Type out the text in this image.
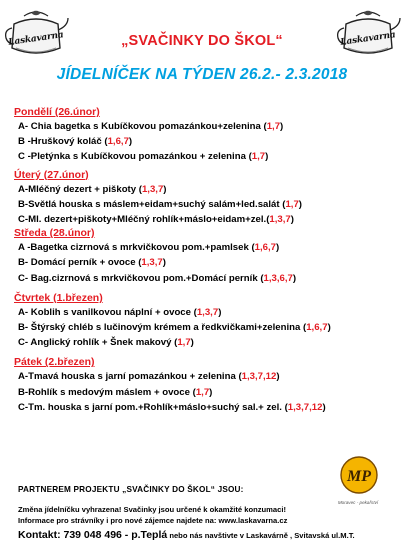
Laskavarna	Laskavarna
„SVAČINKY DO ŠKOL“
JÍDELNÍČEK NA TÝDEN 26.2.- 2.3.2018
Pondělí (26.únor)
A- Chia bagetka s Kubíčkovou pomazánkou+zelenina (1,7)
B -Hruškový koláč (1,6,7)
C -Pletýnka s Kubíčkovou pomazánkou + zelenina (1,7)
Úterý (27.únor)
A-Mléčný dezert + piškoty (1,3,7)
B-Světlá houska s máslem+eidam+suchý salám+led.salát (1,7)
C-Ml. dezert+piškoty+Mléčný rohlík+máslo+eidam+zel.(1,3,7)
Středa (28.únor)
A -Bagetka cizrnová s mrkvičkovou pom.+pamlsek (1,6,7)
B- Domácí perník + ovoce (1,3,7)
C- Bag.cizrnová s mrkvičkovou pom.+Domácí perník (1,3,6,7)
Čtvrtek (1.březen)
A- Koblih s vanilkovou náplní + ovoce (1,3,7)
B- Štýrský chléb s lučinovým krémem a ředkvičkami+zelenina (1,6,7)
C- Anglický rohlík + Šnek makový (1,7)
Pátek (2.březen)
A-Tmavá houska s jarní pomazánkou + zelenina (1,3,7,12)
B-Rohlík s medovým máslem + ovoce (1,7)
C-Tm. houska s jarní pom.+Rohlík+máslo+suchý sal.+ zel. (1,3,7,12)
PARTNEREM PROJEKTU „SVAČINKY DO ŠKOL“ JSOU:
MP
Moravec - pekařství
Změna jídelníčku vyhrazena! Svačinky jsou určené k okamžité konzumaci!
Informace pro strávníky i pro nové zájemce najdete na: www.laskavarna.cz
Kontakt: 739 048 496 - p.Teplá nebo nás navštivte v Laskavárně , Svitavská ul.M.T.
